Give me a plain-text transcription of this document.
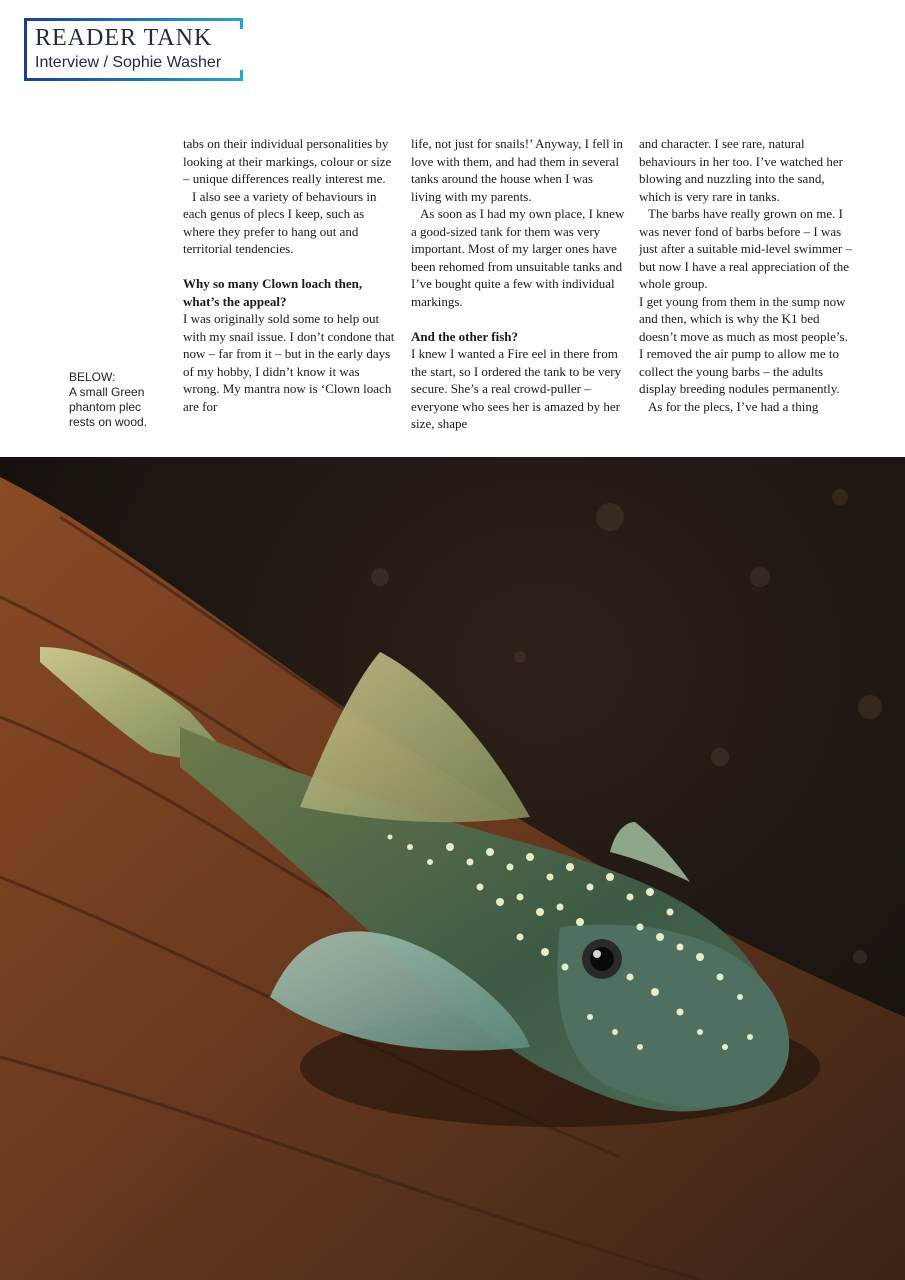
READER TANK
Interview / Sophie Washer
BELOW:
A small Green
phantom plec
rests on wood.

tabs on their individual personalities by looking at their markings, colour or size – unique differences really interest me.

I also see a variety of behaviours in each genus of plecs I keep, such as where they prefer to hang out and territorial tendencies.

Why so many Clown loach then, what’s the appeal?

I was originally sold some to help out with my snail issue. I don’t condone that now – far from it – but in the early days of my hobby, I didn’t know it was wrong. My mantra now is ‘Clown loach are for

life, not just for snails!’ Anyway, I fell in love with them, and had them in several tanks around the house when I was living with my parents.

As soon as I had my own place, I knew a good-sized tank for them was very important. Most of my larger ones have been rehomed from unsuitable tanks and I’ve bought quite a few with individual markings.

And the other fish?

I knew I wanted a Fire eel in there from the start, so I ordered the tank to be very secure. She’s a real crowd-puller – everyone who sees her is amazed by her size, shape

and character. I see rare, natural behaviours in her too. I’ve watched her blowing and nuzzling into the sand, which is very rare in tanks.

The barbs have really grown on me. I was never fond of barbs before – I was just after a suitable mid-level swimmer – but now I have a real appreciation of the whole group.

I get young from them in the sump now and then, which is why the K1 bed doesn’t move as much as most people’s. I removed the air pump to allow me to collect the young barbs – the adults display breeding nodules permanently.

As for the plecs, I’ve had a thing
